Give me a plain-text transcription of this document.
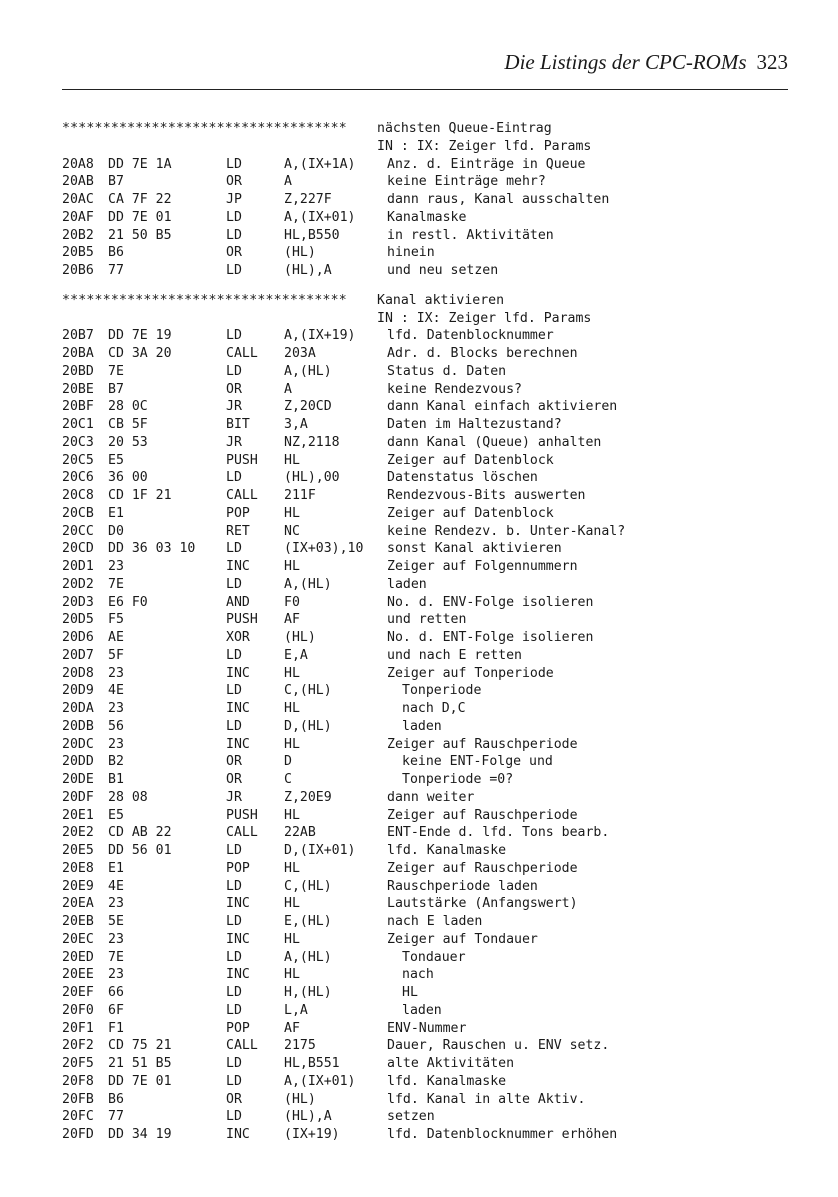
Die Listings der CPC-ROMs 323
*********************************** nächsten Queue-Eintrag
IN : IX: Zeiger lfd. Params
20A8 DD 7E 1A	LD	A,(IX+1A) Anz. d. Einträge in Queue
20AB B7	OR	A	keine Einträge mehr?
20AC CA 7F 22	JP	Z,227F	dann raus, Kanal ausschalten
20AF DD 7E 01	LD	A,(IX+01) Kanalmaske
20B2 21 50 B5	LD	HL,B550	in restl. Aktivitäten
20B5 B6	OR	(HL)	hinein
20B6 77	LD	(HL),A	und neu setzen
*********************************** Kanal aktivieren
IN : IX: Zeiger lfd. Params
20B7 DD 7E 19	LD	A,(IX+19) lfd. Datenblocknummer
20BA CD 3A 20	CALL 203A	Adr. d. Blocks berechnen
20BD 7E	LD	A,(HL)	Status d. Daten
20BE B7	OR	A	keine Rendezvous?
20BF 28 0C	JR	Z,20CD	dann Kanal einfach aktivieren
20C1 CB 5F	BIT	3,A	Daten im Haltezustand?
20C3 20 53	JR	NZ,2118	dann Kanal (Queue) anhalten
20C5 E5	PUSH HL	Zeiger auf Datenblock
20C6 36 00	LD	(HL),00	Datenstatus löschen
20C8 CD 1F 21	CALL 211F	Rendezvous-Bits auswerten
20CB E1	POP	HL	Zeiger auf Datenblock
20CC D0	RET	NC	keine Rendezv. b. Unter-Kanal?
20CD DD 36 03 10 LD	(IX+03),10 sonst Kanal aktivieren
20D1 23	INC	HL	Zeiger auf Folgennummern
20D2 7E	LD	A,(HL)	laden
20D3 E6 F0	AND	F0	No. d. ENV-Folge isolieren
20D5 F5	PUSH AF	und retten
20D6 AE	XOR	(HL)	No. d. ENT-Folge isolieren
20D7 5F	LD	E,A	und nach E retten
20D8 23	INC	HL	Zeiger auf Tonperiode
20D9 4E	LD	C,(HL)	Tonperiode
20DA 23	INC	HL	nach D,C
20DB 56	LD	D,(HL)	laden
20DC 23	INC	HL	Zeiger auf Rauschperiode
20DD B2	OR	D	keine ENT-Folge und
20DE B1	OR	C	Tonperiode =0?
20DF 28 08	JR	Z,20E9	dann weiter
20E1 E5	PUSH HL	Zeiger auf Rauschperiode
20E2 CD AB 22	CALL 22AB	ENT-Ende d. lfd. Tons bearb.
20E5 DD 56 01	LD	D,(IX+01) lfd. Kanalmaske
20E8 E1	POP	HL	Zeiger auf Rauschperiode
20E9 4E	LD	C,(HL)	Rauschperiode laden
20EA 23	INC	HL	Lautstärke (Anfangswert)
20EB 5E	LD	E,(HL)	nach E laden
20EC 23	INC	HL	Zeiger auf Tondauer
20ED 7E	LD	A,(HL)	Tondauer
20EE 23	INC	HL	nach
20EF 66	LD	H,(HL)	HL
20F0 6F	LD	L,A	laden
20F1 F1	POP	AF	ENV-Nummer
20F2 CD 75 21	CALL 2175	Dauer, Rauschen u. ENV setz.
20F5 21 51 B5	LD	HL,B551	alte Aktivitäten
20F8 DD 7E 01	LD	A,(IX+01) lfd. Kanalmaske
20FB B6	OR	(HL)	lfd. Kanal in alte Aktiv.
20FC 77	LD	(HL),A	setzen
20FD DD 34 19	INC	(IX+19)	lfd. Datenblocknummer erhöhen
